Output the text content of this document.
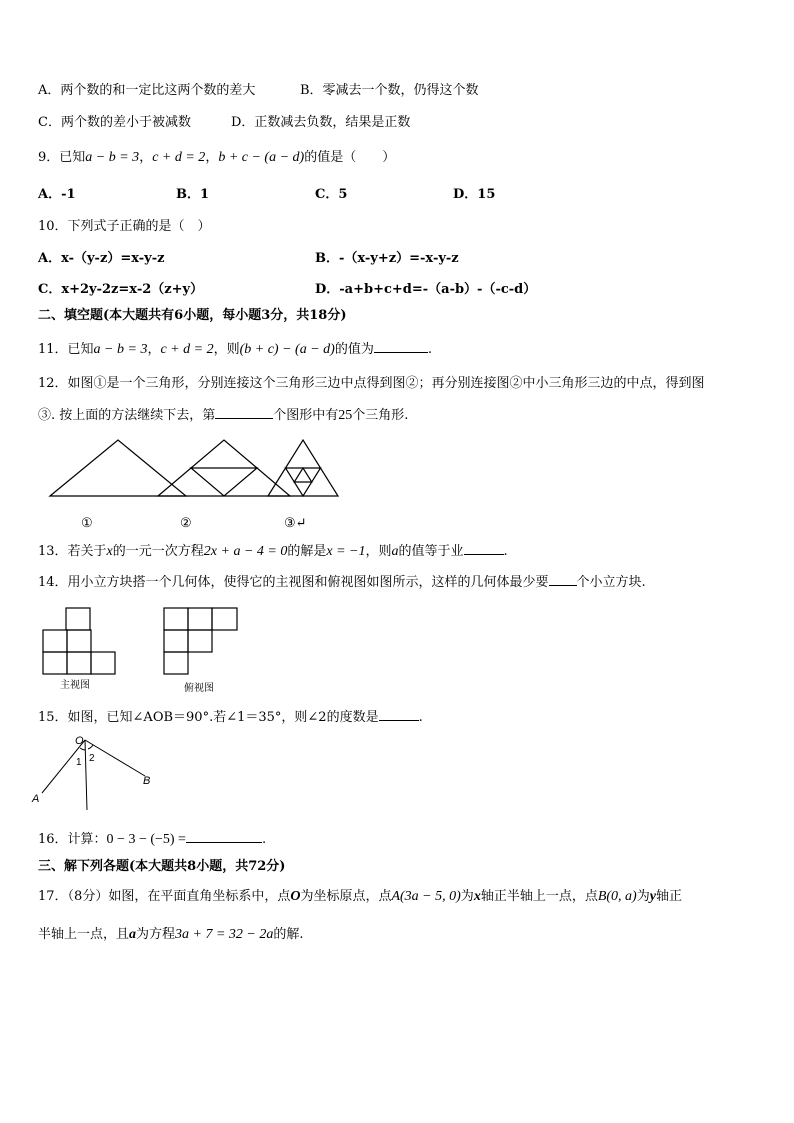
A．两个数的和一定比这两个数的差大	B．零减去一个数，仍得这个数
C．两个数的差小于被减数	D．正数减去负数，结果是正数
9．已知a − b = 3，c + d = 2，b + c − (a − d)的值是（　　）
A．-1	B．1	C．5	D．15
10．下列式子正确的是（　）
A．x-（y-z）=x-y-z	B．-（x-y+z）=-x-y-z
C．x+2y-2z=x-2（z+y）	D．-a+b+c+d=-（a-b）-（-c-d）
二、填空题(本大题共有6小题，每小题3分，共18分)
11．已知a − b = 3，c + d = 2，则(b + c) − (a − d)的值为	.
12．如图①是一个三角形，分别连接这个三角形三边中点得到图②；再分别连接图②中小三角形三边的中点，得到图
③. 按上面的方法继续下去，第	个图形中有25个三角形.
①	②	③↵
13．若关于x的一元一次方程2x + a − 4 = 0的解是x = −1，则a的值等于业	.
14．用小立方块搭一个几何体，使得它的主视图和俯视图如图所示，这样的几何体最少要 个小立方块.
主视图	俯视图
15．如图，已知∠AOB＝90°.若∠1＝35°，则∠2的度数是	.
O
A
B
1 2
16．计算：0 − 3 − (−5) =	.
三、解下列各题(本大题共8小题，共72分)
17．（8分）如图，在平面直角坐标系中，点O为坐标原点，点A(3a − 5, 0)为x轴正半轴上一点，点B(0, a)为y轴正
半轴上一点，且a为方程3a + 7 = 32 − 2a的解.
